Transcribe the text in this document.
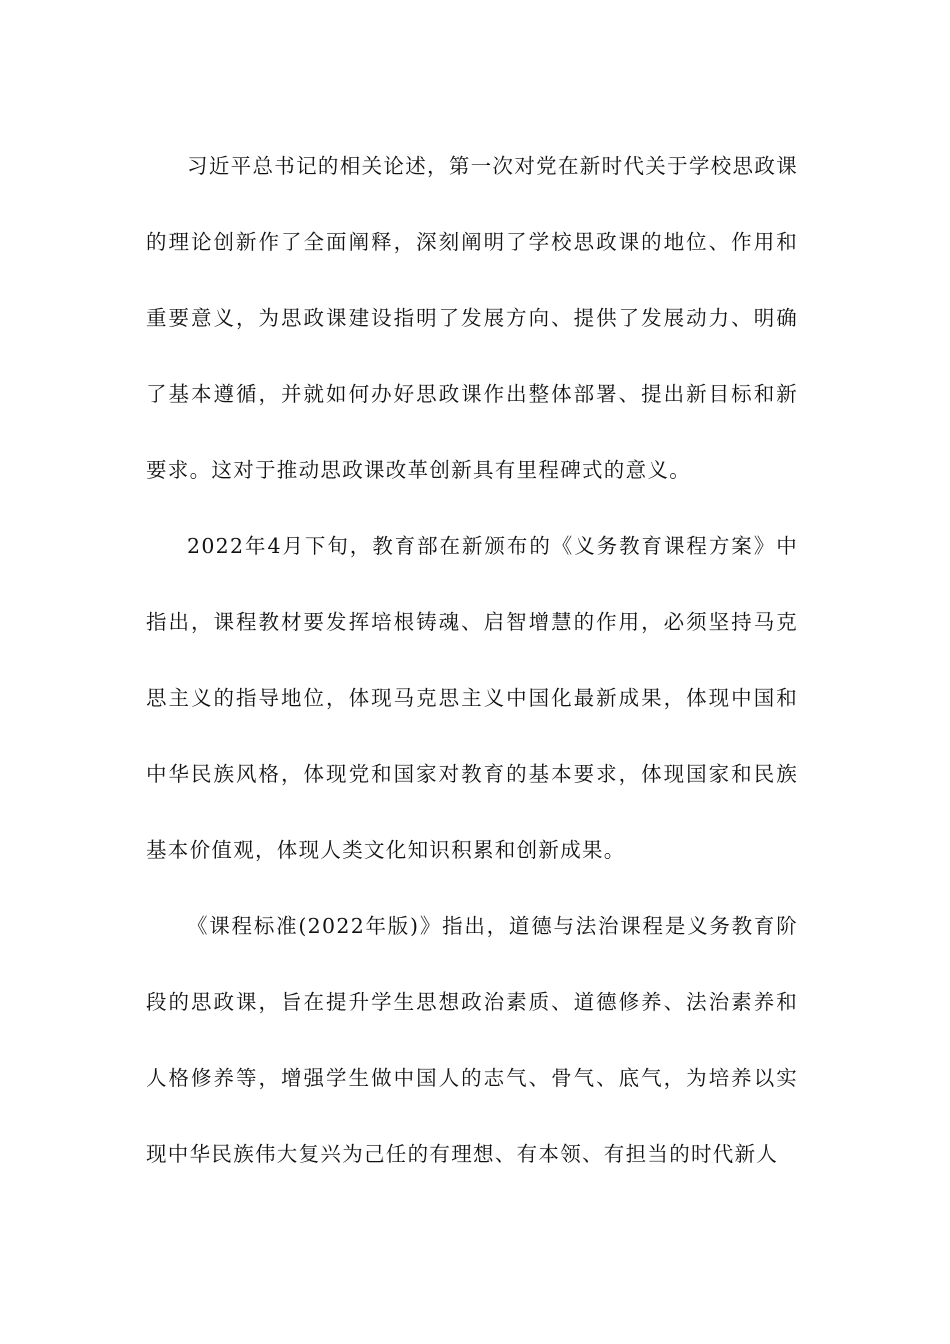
习近平总书记的相关论述，第一次对党在新时代关于学校思政课的理论创新作了全面阐释，深刻阐明了学校思政课的地位、作用和重要意义，为思政课建设指明了发展方向、提供了发展动力、明确了基本遵循，并就如何办好思政课作出整体部署、提出新目标和新要求。这对于推动思政课改革创新具有里程碑式的意义。

2022年4月下旬，教育部在新颁布的《义务教育课程方案》中指出，课程教材要发挥培根铸魂、启智增慧的作用，必须坚持马克思主义的指导地位，体现马克思主义中国化最新成果，体现中国和中华民族风格，体现党和国家对教育的基本要求，体现国家和民族基本价值观，体现人类文化知识积累和创新成果。

《课程标准(2022年版)》指出，道德与法治课程是义务教育阶段的思政课，旨在提升学生思想政治素质、道德修养、法治素养和人格修养等，增强学生做中国人的志气、骨气、底气，为培养以实现中华民族伟大复兴为己任的有理想、有本领、有担当的时代新人
